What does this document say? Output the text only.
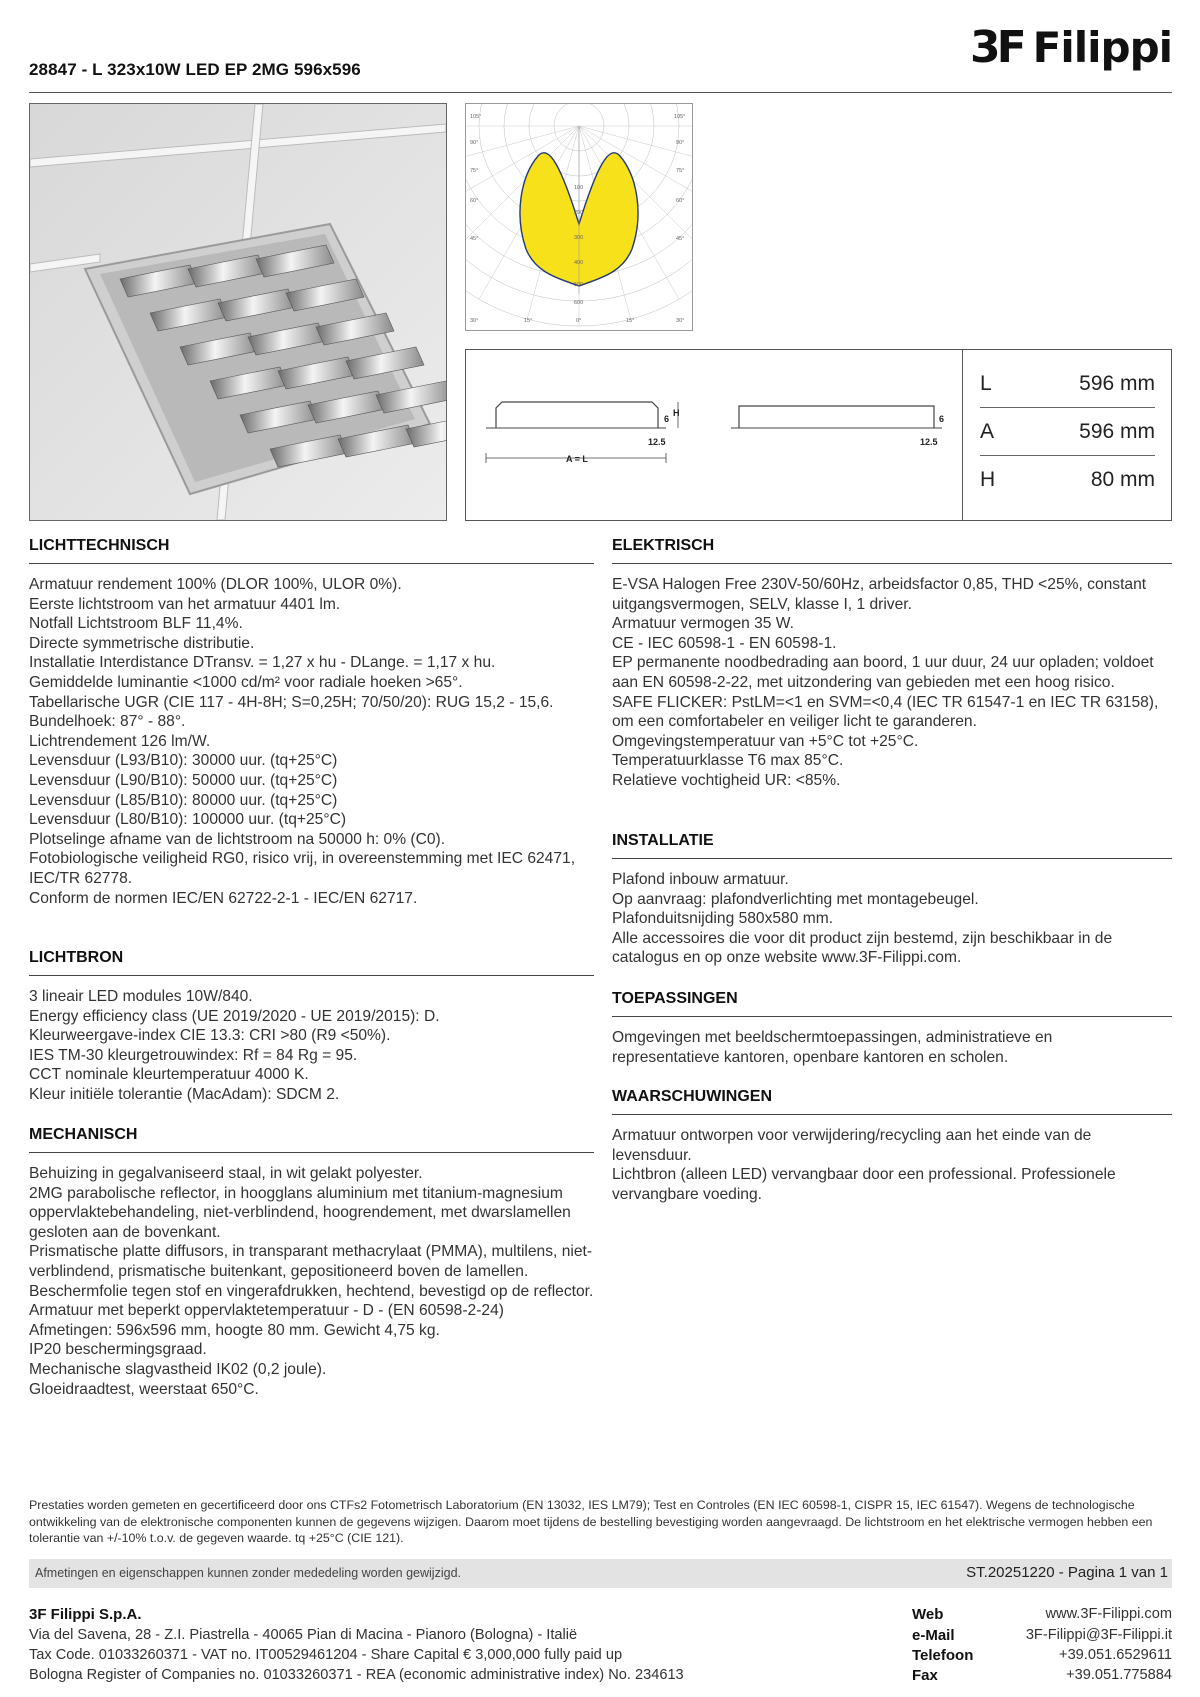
28847 - L 323x10W LED EP 2MG 596x596	3F Filippi
105°
90°
75°
60°
45°
30°
105°
90°
75°
60°
45°
30°
15°	0°	15°
100
200
300
400
500
600
6
H
12.5
A = L
6
12.5
L	596 mm
A	596 mm
H	80 mm
LICHTTECHNISCH
Armatuur rendement 100% (DLOR 100%, ULOR 0%).
Eerste lichtstroom van het armatuur 4401 lm.
Notfall Lichtstroom BLF 11,4%.
Directe symmetrische distributie.
Installatie Interdistance DTransv. = 1,27 x hu - DLange. = 1,17 x hu.
Gemiddelde luminantie <1000 cd/m² voor radiale hoeken >65°.
Tabellarische UGR (CIE 117 - 4H-8H; S=0,25H; 70/50/20): RUG 15,2 - 15,6.
Bundelhoek: 87° - 88°.
Lichtrendement 126 lm/W.
Levensduur (L93/B10): 30000 uur. (tq+25°C)
Levensduur (L90/B10): 50000 uur. (tq+25°C)
Levensduur (L85/B10): 80000 uur. (tq+25°C)
Levensduur (L80/B10): 100000 uur. (tq+25°C)
Plotselinge afname van de lichtstroom na 50000 h: 0% (C0).
Fotobiologische veiligheid RG0, risico vrij, in overeenstemming met IEC 62471, IEC/TR 62778.
Conform de normen IEC/EN 62722-2-1 - IEC/EN 62717.
LICHTBRON
3 lineair LED modules 10W/840.
Energy efficiency class (UE 2019/2020 - UE 2019/2015): D.
Kleurweergave-index CIE 13.3: CRI >80 (R9 <50%).
IES TM-30 kleurgetrouwindex: Rf = 84 Rg = 95.
CCT nominale kleurtemperatuur 4000 K.
Kleur initiële tolerantie (MacAdam): SDCM 2.
MECHANISCH
Behuizing in gegalvaniseerd staal, in wit gelakt polyester.
2MG parabolische reflector, in hoogglans aluminium met titanium-magnesium oppervlaktebehandeling, niet-verblindend, hoogrendement, met dwarslamellen gesloten aan de bovenkant.
Prismatische platte diffusors, in transparant methacrylaat (PMMA), multilens, niet-verblindend, prismatische buitenkant, gepositioneerd boven de lamellen.
Beschermfolie tegen stof en vingerafdrukken, hechtend, bevestigd op de reflector.
Armatuur met beperkt oppervlaktetemperatuur - D - (EN 60598-2-24)
Afmetingen: 596x596 mm, hoogte 80 mm. Gewicht 4,75 kg.
IP20 beschermingsgraad.
Mechanische slagvastheid IK02 (0,2 joule).
Gloeidraadtest, weerstaat 650°C.
ELEKTRISCH
E-VSA Halogen Free 230V-50/60Hz, arbeidsfactor 0,85, THD <25%, constant uitgangsvermogen, SELV, klasse I, 1 driver.
Armatuur vermogen 35 W.
CE - IEC 60598-1 - EN 60598-1.
EP permanente noodbedrading aan boord, 1 uur duur, 24 uur opladen; voldoet aan EN 60598-2-22, met uitzondering van gebieden met een hoog risico.
SAFE FLICKER: PstLM=<1 en SVM=<0,4 (IEC TR 61547-1 en IEC TR 63158), om een comfortabeler en veiliger licht te garanderen.
Omgevingstemperatuur van +5°C tot +25°C.
Temperatuurklasse T6 max 85°C.
Relatieve vochtigheid UR: <85%.
INSTALLATIE
Plafond inbouw armatuur.
Op aanvraag: plafondverlichting met montagebeugel.
Plafonduitsnijding 580x580 mm.
Alle accessoires die voor dit product zijn bestemd, zijn beschikbaar in de catalogus en op onze website www.3F-Filippi.com.
TOEPASSINGEN
Omgevingen met beeldschermtoepassingen, administratieve en representatieve kantoren, openbare kantoren en scholen.
WAARSCHUWINGEN
Armatuur ontworpen voor verwijdering/recycling aan het einde van de levensduur.
Lichtbron (alleen LED) vervangbaar door een professional. Professionele vervangbare voeding.
Prestaties worden gemeten en gecertificeerd door ons CTFs2 Fotometrisch Laboratorium (EN 13032, IES LM79); Test en Controles (EN IEC 60598-1, CISPR 15, IEC 61547). Wegens de technologische ontwikkeling van de elektronische componenten kunnen de gegevens wijzigen. Daarom moet tijdens de bestelling bevestiging worden aangevraagd. De lichtstroom en het elektrische vermogen hebben een tolerantie van +/-10% t.o.v. de gegeven waarde. tq +25°C (CIE 121).
Afmetingen en eigenschappen kunnen zonder mededeling worden gewijzigd.	ST.20251220 - Pagina 1 van 1
3F Filippi S.p.A.
Via del Savena, 28 - Z.I. Piastrella - 40065 Pian di Macina - Pianoro (Bologna) - Italië
Tax Code. 01033260371 - VAT no. IT00529461204 - Share Capital € 3,000,000 fully paid up
Bologna Register of Companies no. 01033260371 - REA (economic administrative index) No. 234613
Web	www.3F-Filippi.com
e-Mail	3F-Filippi@3F-Filippi.it
Telefoon	+39.051.6529611
Fax	+39.051.775884
